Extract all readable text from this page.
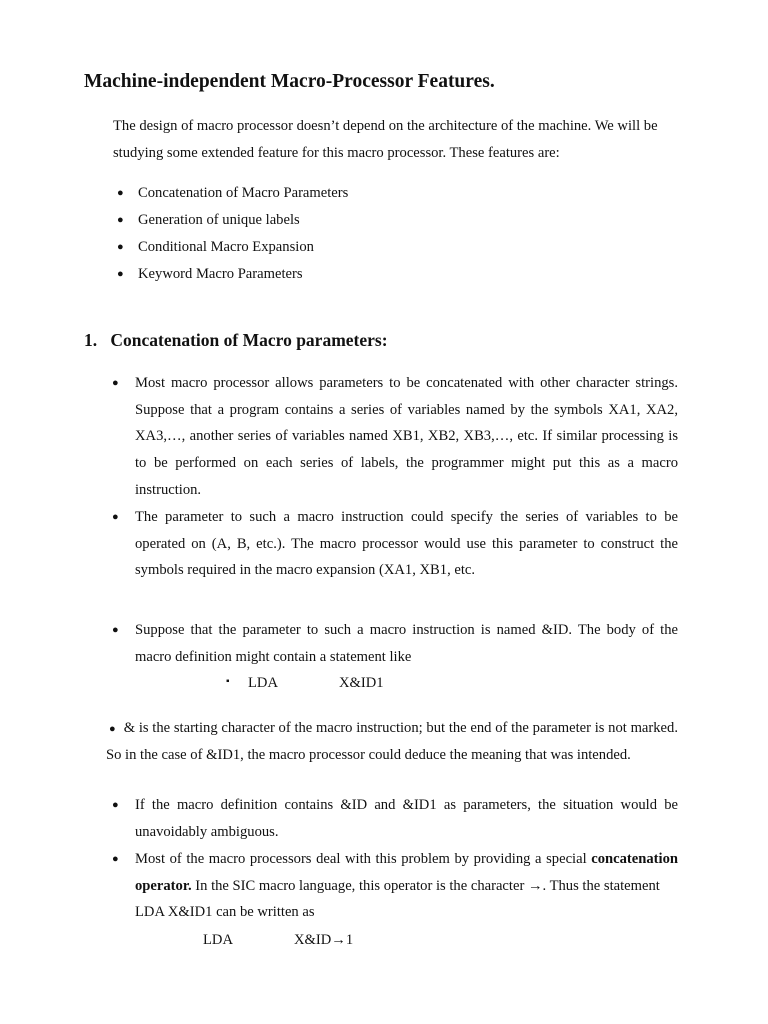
Machine-independent Macro-Processor Features.

The design of macro processor doesn’t depend on the architecture of the machine. We will be studying some extended feature for this macro processor. These features are:

● Concatenation of Macro Parameters
● Generation of unique labels
● Conditional Macro Expansion
● Keyword Macro Parameters
1. Concatenation of Macro parameters:
● Most macro processor allows parameters to be concatenated with other character strings. Suppose that a program contains a series of variables named by the symbols XA1, XA2, XA3,…, another series of variables named XB1, XB2, XB3,…, etc. If similar processing is to be performed on each series of labels, the programmer might put this as a macro instruction.
● The parameter to such a macro instruction could specify the series of variables to be operated on (A, B, etc.). The macro processor would use this parameter to construct the symbols required in the macro expansion (XA1, XB1, etc.
● Suppose that the parameter to such a macro instruction is named &ID. The body of the macro definition might contain a statement like
▪ LDA	X&ID1

● & is the starting character of the macro instruction; but the end of the parameter is not marked. So in the case of &ID1, the macro processor could deduce the meaning that was intended.

● If the macro definition contains &ID and &ID1 as parameters, the situation would be unavoidably ambiguous.
● Most of the macro processors deal with this problem by providing a special concatenation operator. In the SIC macro language, this operator is the character →. Thus the statement
LDA X&ID1 can be written as
LDA	X&ID→1
